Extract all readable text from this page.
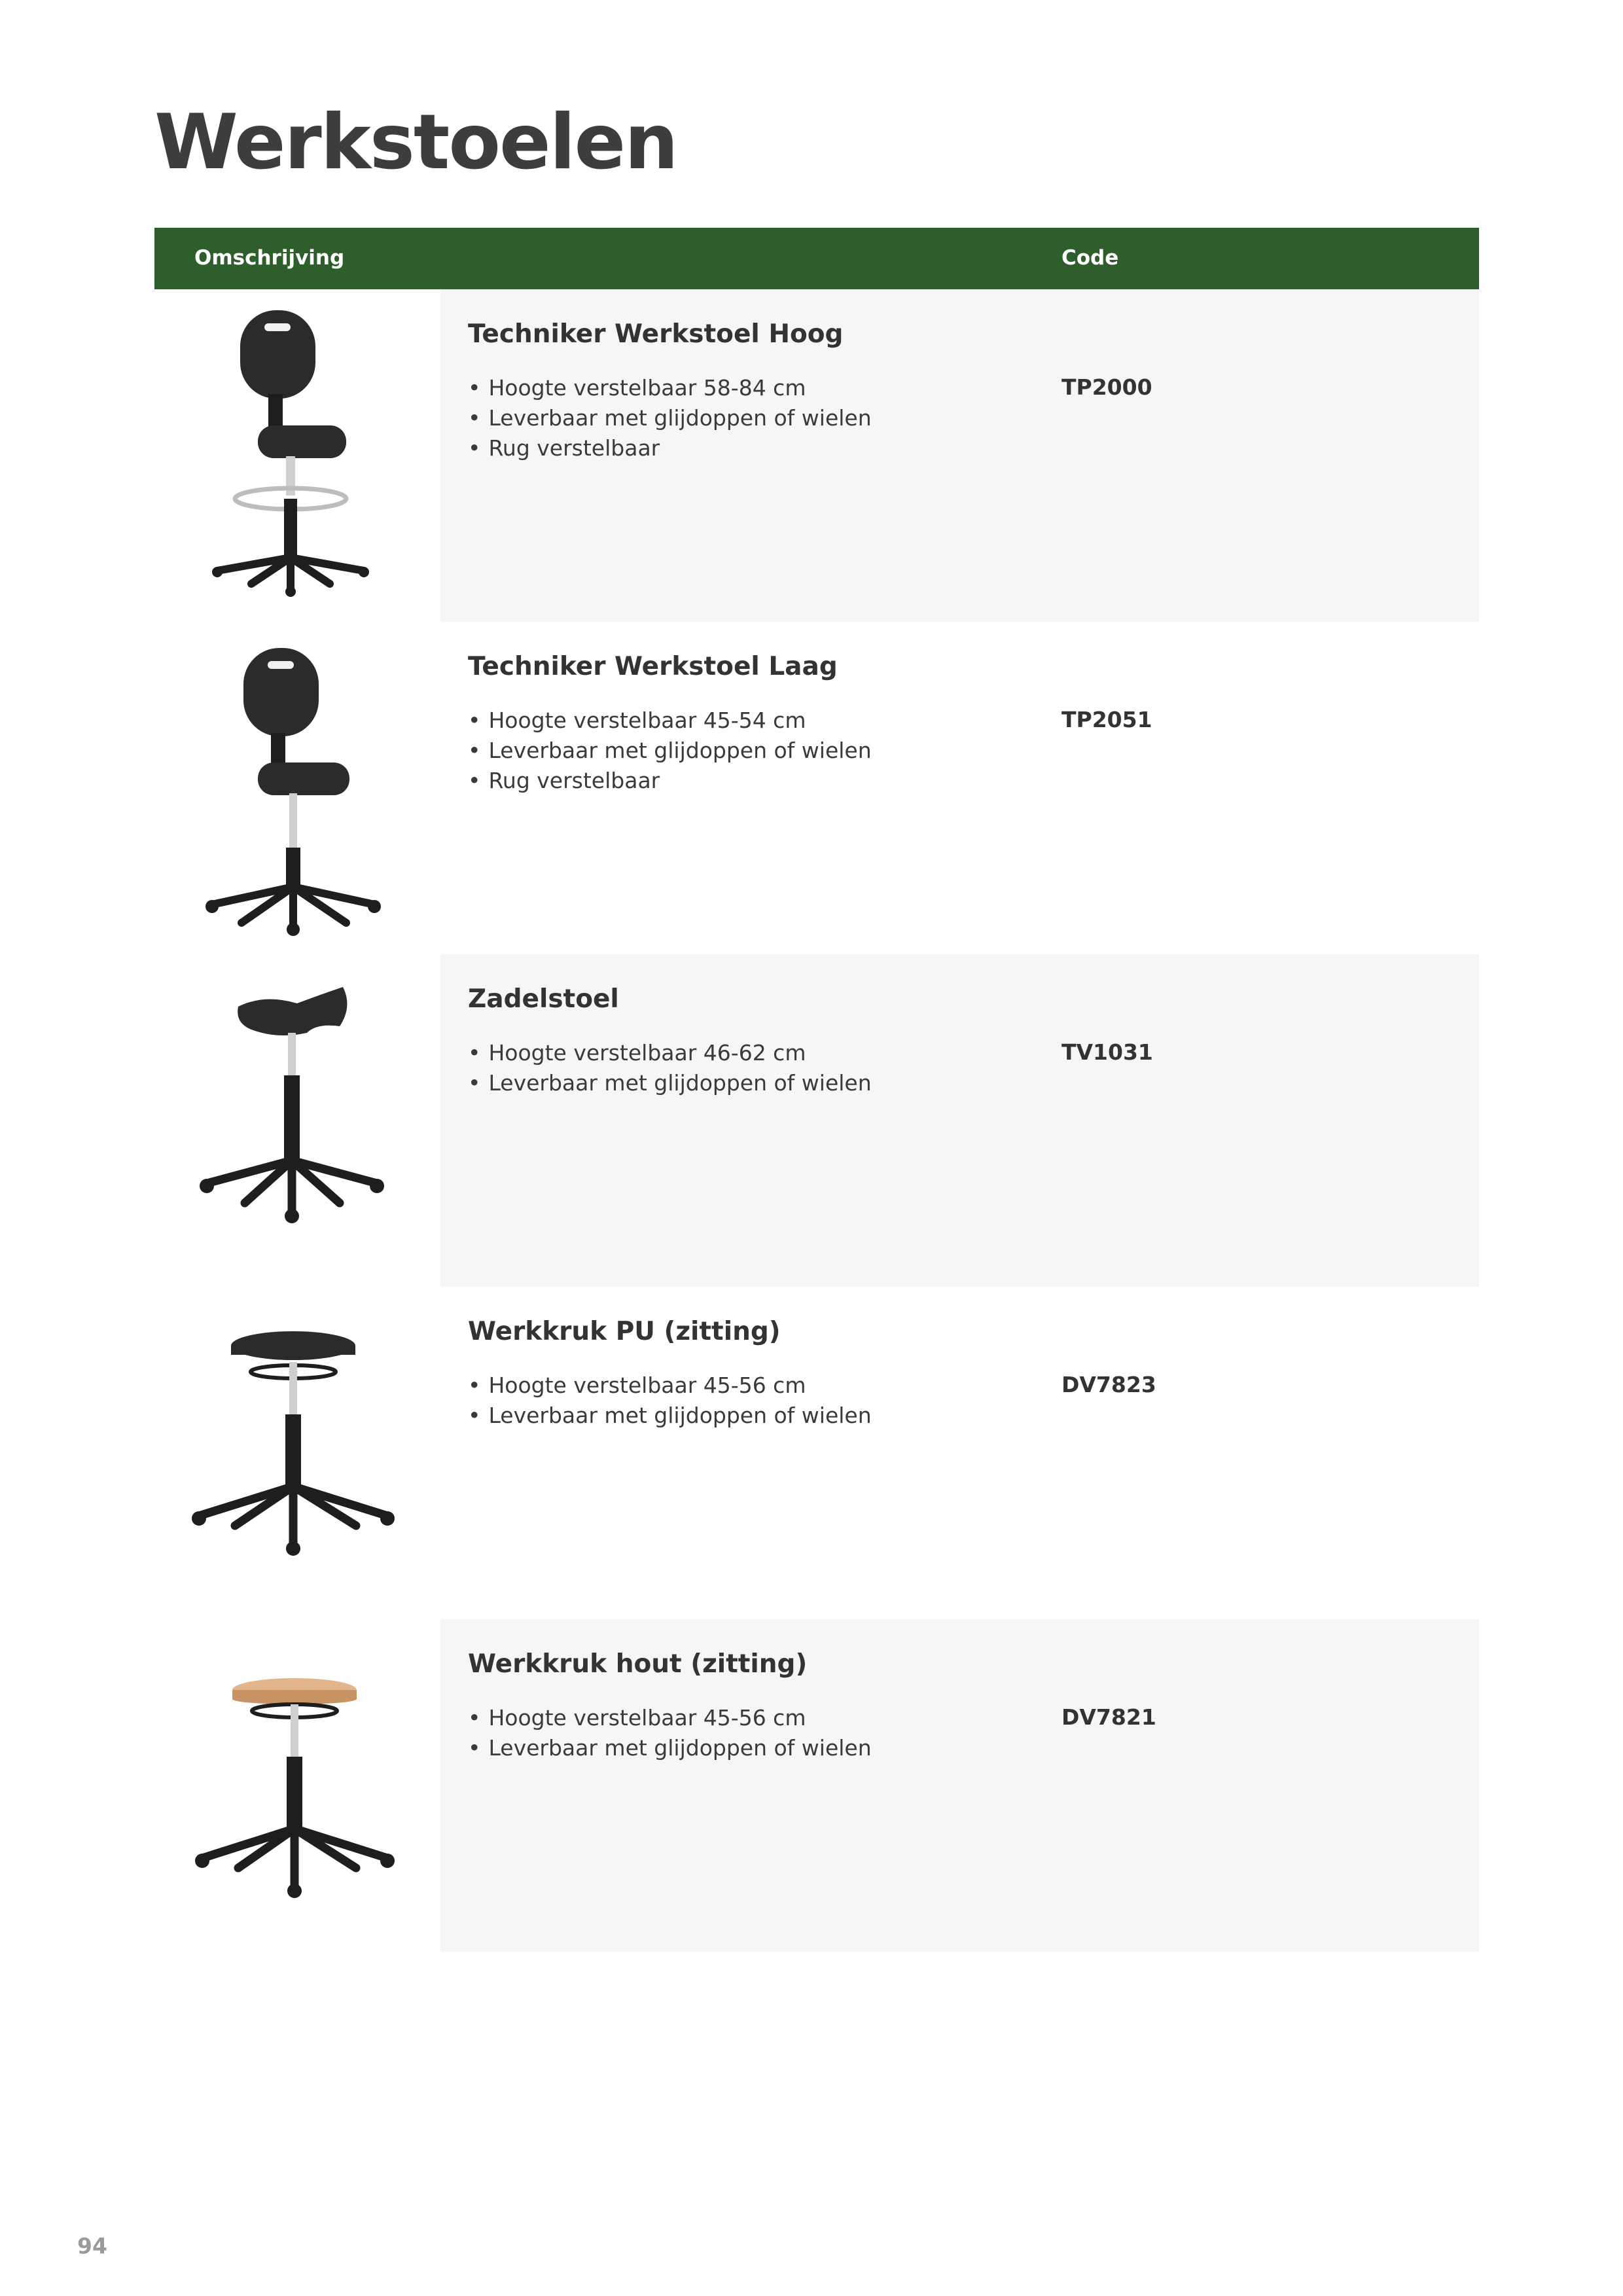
Werkstoelen
Omschrijving	Code
Techniker Werkstoel Hoog
• Hoogte verstelbaar 58-84 cm
• Leverbaar met glijdoppen of wielen
• Rug verstelbaar
TP2000
Techniker Werkstoel Laag
• Hoogte verstelbaar 45-54 cm
• Leverbaar met glijdoppen of wielen
• Rug verstelbaar
TP2051
Zadelstoel
• Hoogte verstelbaar 46-62 cm
• Leverbaar met glijdoppen of wielen
TV1031
Werkkruk PU (zitting)
• Hoogte verstelbaar 45-56 cm
• Leverbaar met glijdoppen of wielen
DV7823
Werkkruk hout (zitting)
• Hoogte verstelbaar 45-56 cm
• Leverbaar met glijdoppen of wielen
DV7821
94
